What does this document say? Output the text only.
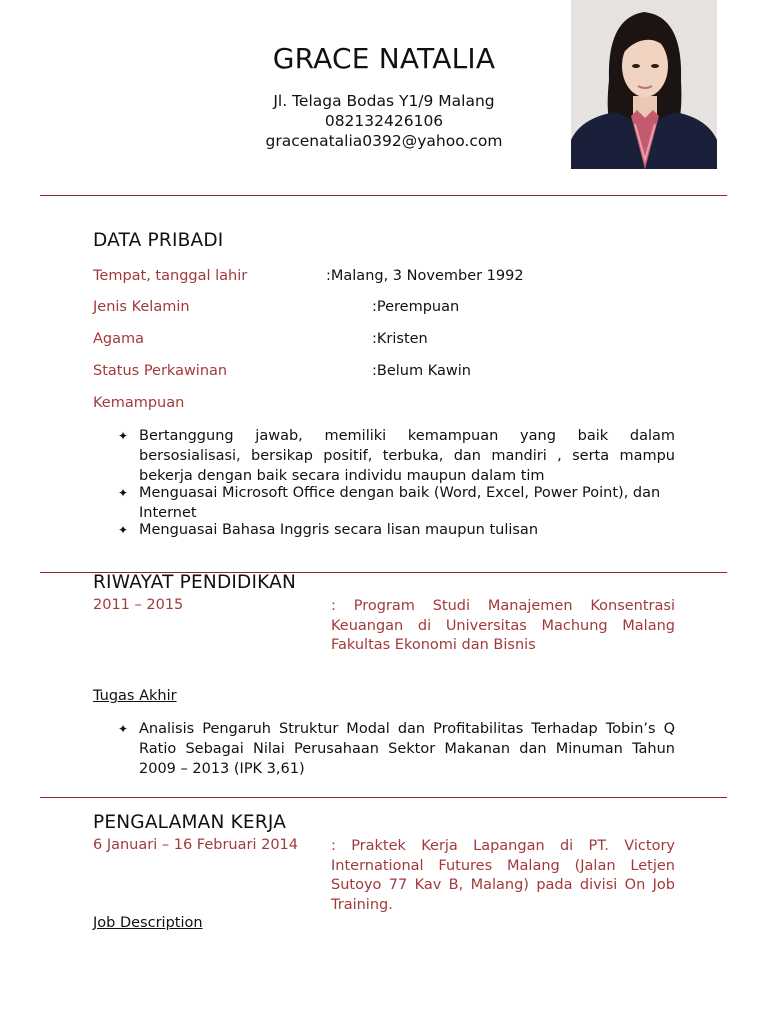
GRACE NATALIA
Jl. Telaga Bodas Y1/9 Malang
082132426106
gracenatalia0392@yahoo.com
DATA PRIBADI
Tempat, tanggal lahir	:Malang, 3 November 1992
Jenis Kelamin	:Perempuan
Agama	:Kristen
Status Perkawinan	:Belum Kawin
Kemampuan
✦ Bertanggung jawab, memiliki kemampuan yang baik dalam bersosialisasi, bersikap positif, terbuka, dan mandiri , serta mampu bekerja dengan baik secara individu maupun dalam tim
✦ Menguasai Microsoft Office dengan baik (Word, Excel, Power Point), dan Internet
✦ Menguasai Bahasa Inggris secara lisan maupun tulisan
RIWAYAT PENDIDIKAN
2011 – 2015	: Program Studi Manajemen Konsentrasi Keuangan di Universitas Machung Malang Fakultas Ekonomi dan Bisnis
Tugas Akhir
✦ Analisis Pengaruh Struktur Modal dan Profitabilitas Terhadap Tobin’s Q Ratio Sebagai Nilai Perusahaan Sektor Makanan dan Minuman Tahun 2009 – 2013 (IPK 3,61)
PENGALAMAN KERJA
6 Januari – 16 Februari 2014 : Praktek Kerja Lapangan di PT. Victory International Futures Malang (Jalan Letjen Sutoyo 77 Kav B, Malang) pada divisi On Job Training.
Job Description
